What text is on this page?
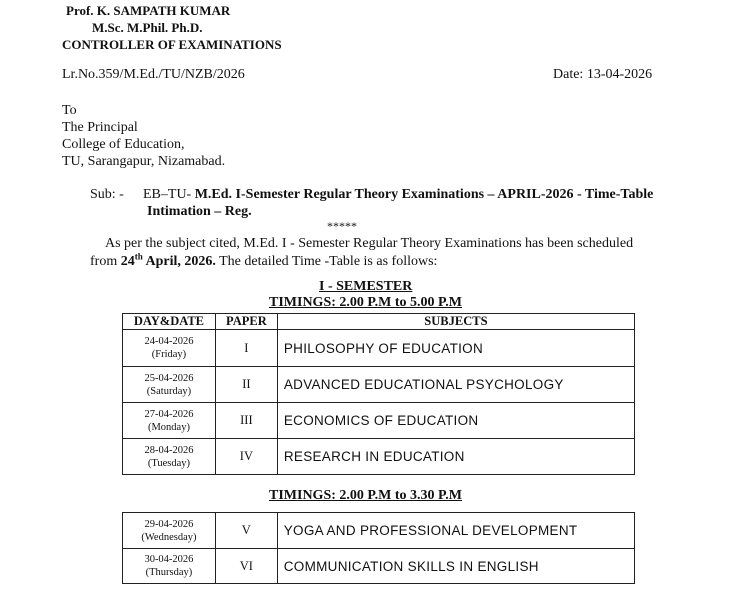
Prof. K. SAMPATH KUMAR
M.Sc. M.Phil. Ph.D.
CONTROLLER OF EXAMINATIONS
Lr.No.359/M.Ed./TU/NZB/2026	Date: 13-04-2026
To
The Principal
College of Education,
TU, Sarangapur, Nizamabad.
Sub: - EB–TU- M.Ed. I-Semester Regular Theory Examinations – APRIL-2026 - Time-Table
Intimation – Reg.
*****
As per the subject cited, M.Ed. I - Semester Regular Theory Examinations has been scheduled
from 24th April, 2026. The detailed Time -Table is as follows:
I - SEMESTER
TIMINGS: 2.00 P.M to 5.00 P.M
DAY&DATE	PAPER	SUBJECTS

24-04-2026
(Friday)	I	PHILOSOPHY OF EDUCATION

25-04-2026
(Saturday)	II	ADVANCED EDUCATIONAL PSYCHOLOGY

27-04-2026
(Monday)	III	ECONOMICS OF EDUCATION

28-04-2026
(Tuesday)	IV	RESEARCH IN EDUCATION
TIMINGS: 2.00 P.M to 3.30 P.M
29-04-2026
(Wednesday)	V	YOGA AND PROFESSIONAL DEVELOPMENT

30-04-2026
(Thursday)	VI	COMMUNICATION SKILLS IN ENGLISH
